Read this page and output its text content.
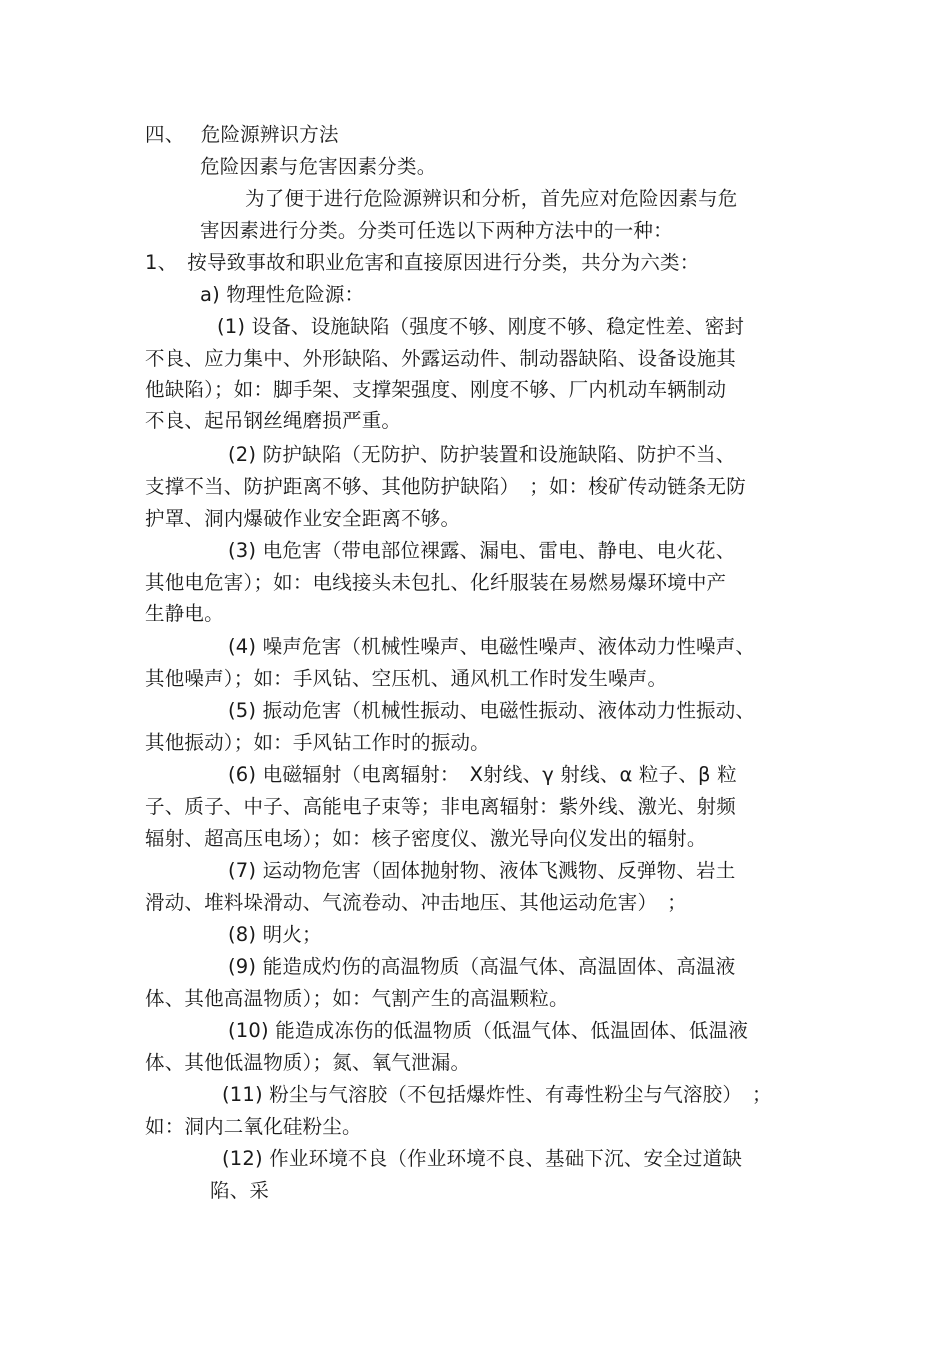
四、　 危险源辨识方法
危险因素与危害因素分类。
为了便于进行危险源辨识和分析，首先应对危险因素与危
害因素进行分类。分类可任选以下两种方法中的一种：
1、　按导致事故和职业危害和直接原因进行分类，共分为六类：
a) 物理性危险源：
(1) 设备、设施缺陷（强度不够、刚度不够、稳定性差、密封
不良、应力集中、外形缺陷、外露运动件、制动器缺陷、设备设施其
他缺陷）；如：脚手架、支撑架强度、刚度不够、厂内机动车辆制动
不良、起吊钢丝绳磨损严重。
(2) 防护缺陷（无防护、防护装置和设施缺陷、防护不当、
支撑不当、防护距离不够、其他防护缺陷）　；如：梭矿传动链条无防
护罩、洞内爆破作业安全距离不够。
(3) 电危害（带电部位裸露、漏电、雷电、静电、电火花、
其他电危害）；如：电线接头未包扎、化纤服装在易燃易爆环境中产
生静电。
(4) 噪声危害（机械性噪声、电磁性噪声、液体动力性噪声、
其他噪声）；如：手风钻、空压机、通风机工作时发生噪声。
(5) 振动危害（机械性振动、电磁性振动、液体动力性振动、
其他振动）；如：手风钻工作时的振动。
(6) 电磁辐射（电离辐射：　X射线、γ 射线、α 粒子、β 粒
子、质子、中子、高能电子束等；非电离辐射：紫外线、激光、射频
辐射、超高压电场）；如：核子密度仪、激光导向仪发出的辐射。
(7) 运动物危害（固体抛射物、液体飞溅物、反弹物、岩土
滑动、堆料垛滑动、气流卷动、冲击地压、其他运动危害）　；
(8) 明火；
(9) 能造成灼伤的高温物质（高温气体、高温固体、高温液
体、其他高温物质）；如：气割产生的高温颗粒。
(10) 能造成冻伤的低温物质（低温气体、低温固体、低温液
体、其他低温物质）；氮、氧气泄漏。
(11) 粉尘与气溶胶（不包括爆炸性、有毒性粉尘与气溶胶）　；
如：洞内二氧化硅粉尘。
(12) 作业环境不良（作业环境不良、基础下沉、安全过道缺
陷、采
